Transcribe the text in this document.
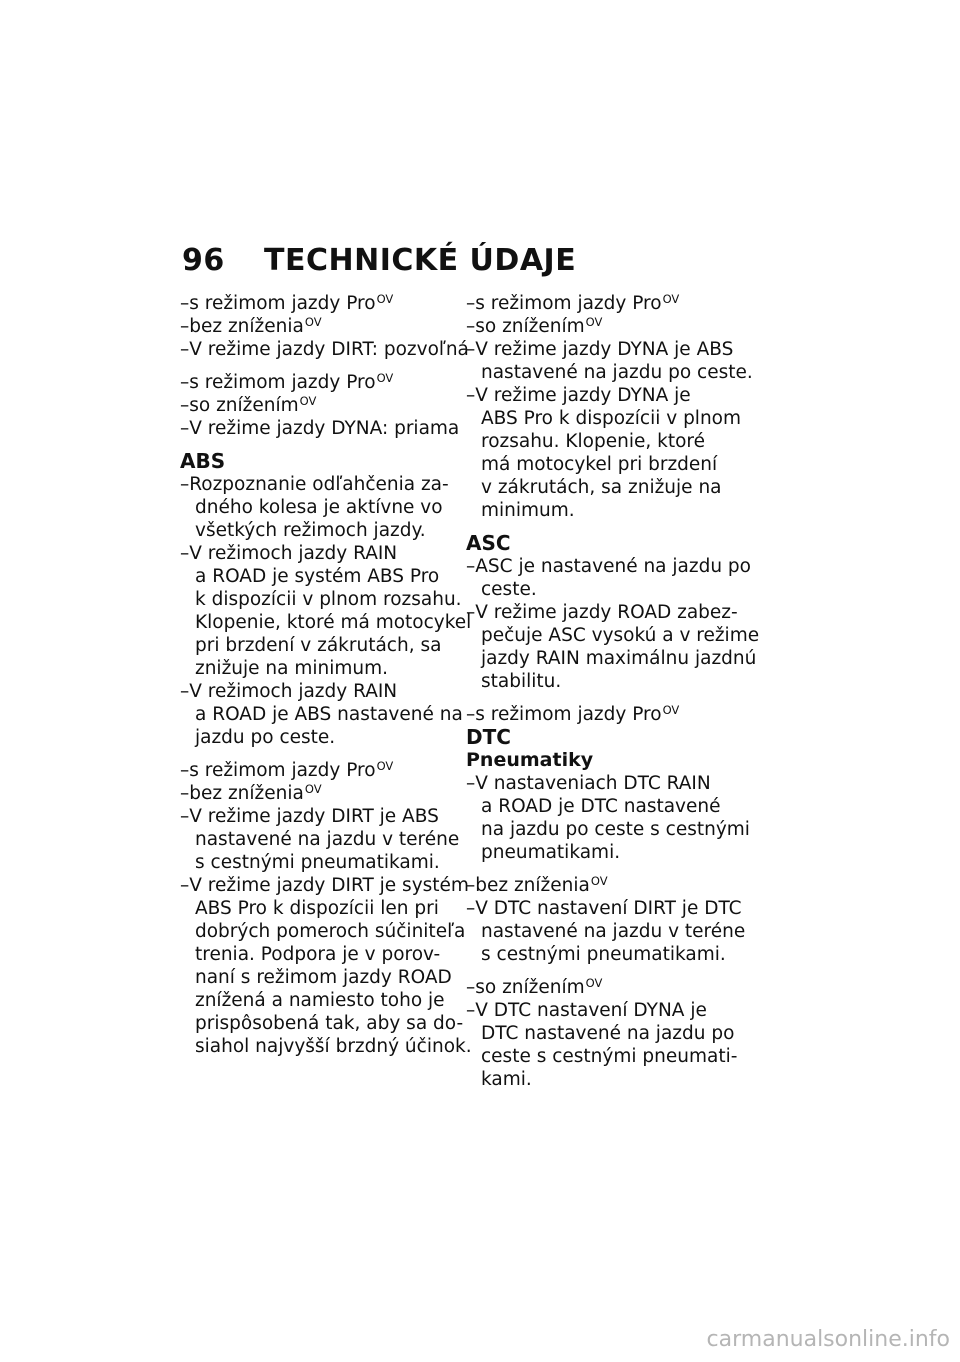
96	TECHNICKÉ ÚDAJE
–s režimom jazdy Pro$^{OV}$
–bez zníženia$^{OV}$
–V režime jazdy DIRT: pozvoľná
–s režimom jazdy Pro$^{OV}$
–so znížením$^{OV}$
–V režime jazdy DYNA: priama
ABS
–Rozpoznanie odľahčenia za-
dného kolesa je aktívne vo
všetkých režimoch jazdy.
–V režimoch jazdy RAIN
a ROAD je systém ABS Pro
k dispozícii v plnom rozsahu.
Klopenie, ktoré má motocykel
pri brzdení v zákrutách, sa
znižuje na minimum.
–V režimoch jazdy RAIN
a ROAD je ABS nastavené na
jazdu po ceste.
–s režimom jazdy Pro$^{OV}$
–bez zníženia$^{OV}$
–V režime jazdy DIRT je ABS
nastavené na jazdu v teréne
s cestnými pneumatikami.
–V režime jazdy DIRT je systém
ABS Pro k dispozícii len pri
dobrých pomeroch súčiniteľa
trenia. Podpora je v porov-
naní s režimom jazdy ROAD
znížená a namiesto toho je
prispôsobená tak, aby sa do-
siahol najvyšší brzdný účinok.
–s režimom jazdy Pro$^{OV}$
–so znížením$^{OV}$
–V režime jazdy DYNA je ABS
nastavené na jazdu po ceste.
–V režime jazdy DYNA je
ABS Pro k dispozícii v plnom
rozsahu. Klopenie, ktoré
má motocykel pri brzdení
v zákrutách, sa znižuje na
minimum.
ASC
–ASC je nastavené na jazdu po
ceste.
–V režime jazdy ROAD zabez-
pečuje ASC vysokú a v režime
jazdy RAIN maximálnu jazdnú
stabilitu.
–s režimom jazdy Pro$^{OV}$
DTC
Pneumatiky
–V nastaveniach DTC RAIN
a ROAD je DTC nastavené
na jazdu po ceste s cestnými
pneumatikami.
–bez zníženia$^{OV}$
–V DTC nastavení DIRT je DTC
nastavené na jazdu v teréne
s cestnými pneumatikami.
–so znížením$^{OV}$
–V DTC nastavení DYNA je
DTC nastavené na jazdu po
ceste s cestnými pneumati-
kami.
carmanualsonline.info
